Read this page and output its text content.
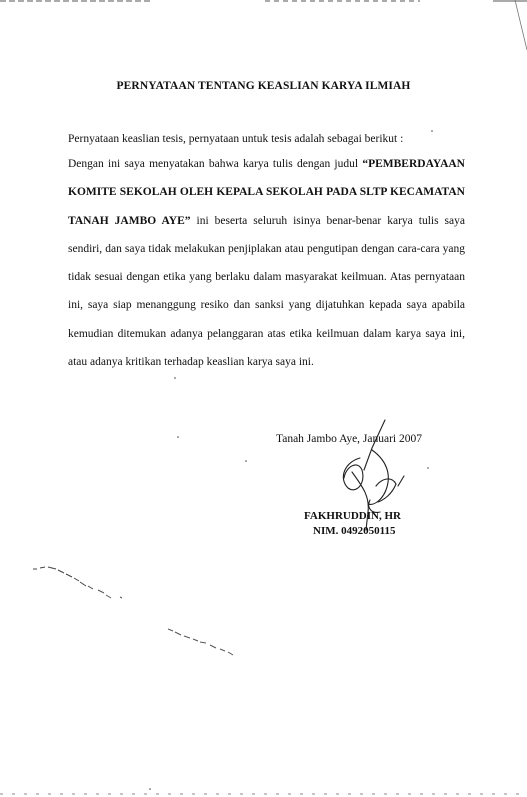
PERNYATAAN TENTANG KEASLIAN KARYA ILMIAH
Pernyataan keaslian tesis, pernyataan untuk tesis adalah sebagai berikut :
Dengan ini saya menyatakan bahwa karya tulis dengan judul “PEMBERDAYAAN KOMITE SEKOLAH OLEH KEPALA SEKOLAH PADA SLTP KECAMATAN TANAH JAMBO AYE” ini beserta seluruh isinya benar-benar karya tulis saya sendiri, dan saya tidak melakukan penjiplakan atau pengutipan dengan cara-cara yang tidak sesuai dengan etika yang berlaku dalam masyarakat keilmuan. Atas pernyataan ini, saya siap menanggung resiko dan sanksi yang dijatuhkan kepada saya apabila kemudian ditemukan adanya pelanggaran atas etika keilmuan dalam karya saya ini, atau adanya kritikan terhadap keaslian karya saya ini.
Tanah Jambo Aye, Januari 2007
FAKHRUDDIN, HR
NIM. 0492050115
